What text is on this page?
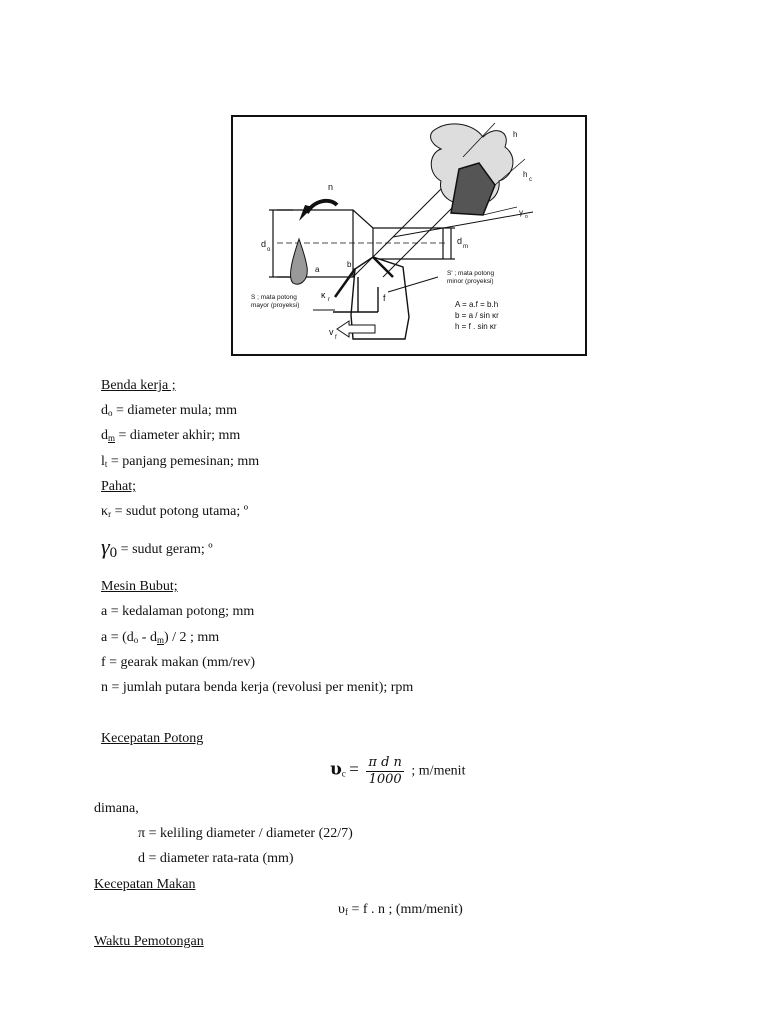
n
d
o
d
m
a
b
κ r	f
v
f
h
h
c
γ o
S' ; mata potong
minor (proyeksi)
S ; mata potong
mayor (proyeksi)	A = a.f = b.h
b = a / sin κr
h = f . sin κr
Benda kerja ;
$d_o$ = diameter mula; mm
$d_m$ = diameter akhir; mm
$l_t$ = panjang pemesinan; mm
Pahat;
$\kappa_r$ = sudut potong utama; º
γ0 = sudut geram; º
Mesin Bubut;
a = kedalaman potong; mm
$a = (d_o - d_m) / 2$ ; mm
f = gearak makan (mm/rev)
n = jumlah putara benda kerja (revolusi per menit); rpm
Kecepatan Potong
$\upsilon_c = \frac{\text{π d n}}{1000}$ ; m/menit
dimana,
π = keliling diameter / diameter (22/7)
d = diameter rata-rata (mm)
Kecepatan Makan
$\upsilon_f = f$ . n ; (mm/menit)
Waktu Pemotongan
